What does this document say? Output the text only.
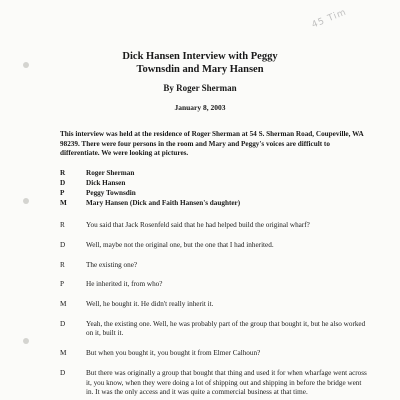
45 Tim
Dick Hansen Interview with Peggy
Townsdin and Mary Hansen
By Roger Sherman
January 8, 2003
This interview was held at the residence of Roger Sherman at 54 S. Sherman Road, Coupeville, WA 98239. There were four persons in the room and Mary and Peggy's voices are difficult to differentiate. We were looking at pictures.
R	Roger Sherman
D	Dick Hansen
P	Peggy Townsdin
M	Mary Hansen (Dick and Faith Hansen's daughter)
R	You said that Jack Rosenfeld said that he had helped build the original wharf?
D	Well, maybe not the original one, but the one that I had inherited.
R	The existing one?
P	He inherited it, from who?
M	Well, he bought it. He didn't really inherit it.
D	Yeah, the existing one. Well, he was probably part of the group that bought it, but he also worked on it, built it.
M	But when you bought it, you bought it from Elmer Calhoun?
D	But there was originally a group that bought that thing and used it for when wharfage went across it, you know, when they were doing a lot of shipping out and shipping in before the bridge went in. It was the only access and it was quite a commercial business at that time.
